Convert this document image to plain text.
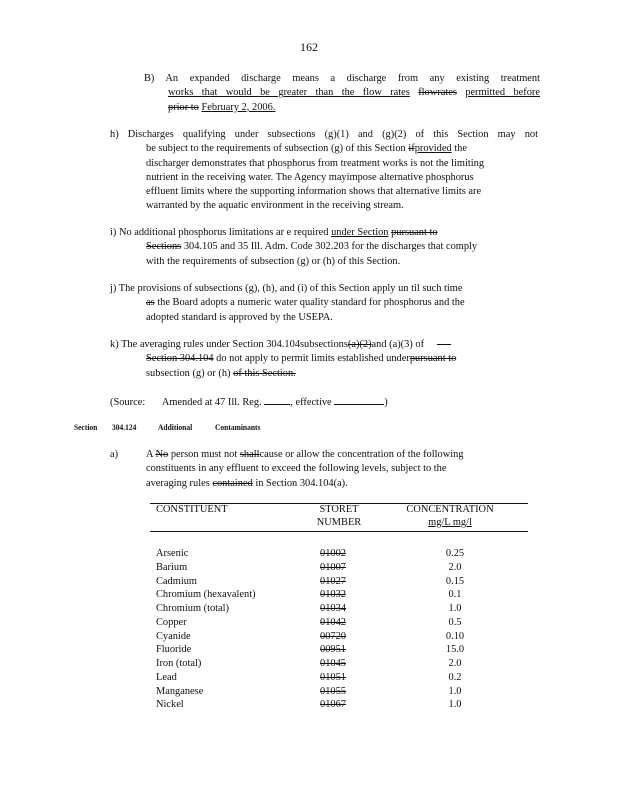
162
B) An expanded discharge means a discharge from any existing treatment
works that would be greater than the flow rates flowrates permitted before
prior to February 2, 2006.
h) Discharges qualifying under subsections (g)(1) and (g)(2) of this Section may not
be subject to the requirements of subsection (g) of this Section ifprovided the
discharger demonstrates that phosphorus from treatment works is not the limiting
nutrient in the receiving water. The Agency mayimpose alternative phosphorus
effluent limits where the supporting information shows that alternative limits are
warranted by the aquatic environment in the receiving stream.
i) No additional phosphorus limitations ar e required under Section pursuant to
Sections 304.105 and 35 Ill. Adm. Code 302.203 for the discharges that comply
with the requirements of subsection (g) or (h) of this Section.
j) The provisions of subsections (g), (h), and (i) of this Section apply un til such time
as the Board adopts a numeric water quality standard for phosphorus and the
adopted standard is approved by the USEPA.
k) The averaging rules under Section 304.104subsections(a)(2)and (a)(3) of
Section 304.104 do not apply to permit limits established underpursuant to
subsection (g) or (h) of this Section.
(Source: Amended at 47 Ill. Reg.	, effective	)
Section 304.124	Additional	Contaminants
a)	A No person must not shallcause or allow the concentration of the following
constituents in any effluent to exceed the following levels, subject to the
averaging rules contained in Section 304.104(a).
CONSTITUENT	STORET
NUMBER

CONCENTRATION
mg/L mg/l
Arsenic	01002	0.25
Barium	01007	2.0
Cadmium	01027	0.15
Chromium (hexavalent)	01032	0.1
Chromium (total)	01034	1.0
Copper	01042	0.5
Cyanide	00720	0.10
Fluoride	00951	15.0
Iron (total)	01045	2.0
Lead	01051	0.2
Manganese	01055	1.0
Nickel	01067	1.0
